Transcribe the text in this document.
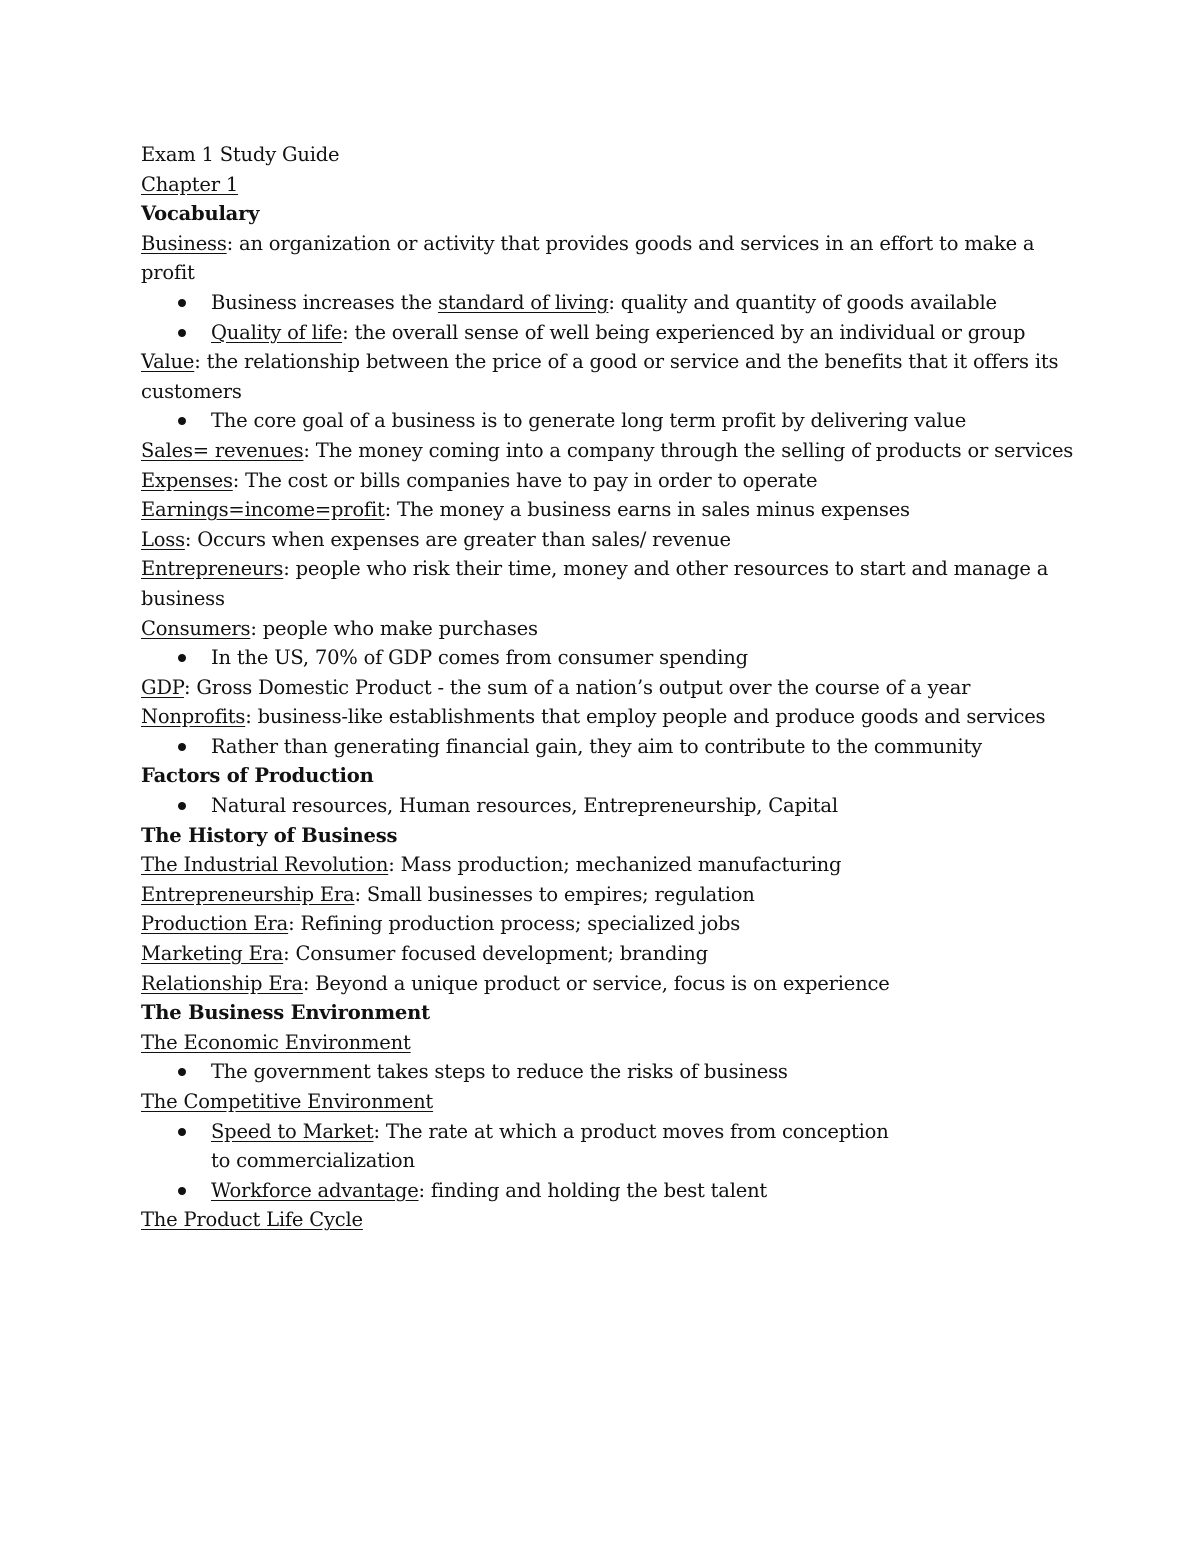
Exam 1 Study Guide

Chapter 1

Vocabulary

Business: an organization or activity that provides goods and services in an effort to make a profit

Business increases the standard of living: quality and quantity of goods available
Quality of life: the overall sense of well being experienced by an individual or group

Value: the relationship between the price of a good or service and the benefits that it offers its customers

The core goal of a business is to generate long term profit by delivering value

Sales= revenues: The money coming into a company through the selling of products or services

Expenses: The cost or bills companies have to pay in order to operate

Earnings=income=profit: The money a business earns in sales minus expenses

Loss: Occurs when expenses are greater than sales/ revenue

Entrepreneurs: people who risk their time, money and other resources to start and manage a business

Consumers: people who make purchases

In the US, 70% of GDP comes from consumer spending

GDP: Gross Domestic Product - the sum of a nation’s output over the course of a year

Nonprofits: business-like establishments that employ people and produce goods and services

Rather than generating financial gain, they aim to contribute to the community

Factors of Production

Natural resources, Human resources, Entrepreneurship, Capital

The History of Business

The Industrial Revolution: Mass production; mechanized manufacturing

Entrepreneurship Era: Small businesses to empires; regulation

Production Era: Refining production process; specialized jobs

Marketing Era: Consumer focused development; branding

Relationship Era: Beyond a unique product or service, focus is on experience

The Business Environment

The Economic Environment

The government takes steps to reduce the risks of business

The Competitive Environment

Speed to Market: The rate at which a product moves from conception to commercialization
Workforce advantage: finding and holding the best talent

The Product Life Cycle
